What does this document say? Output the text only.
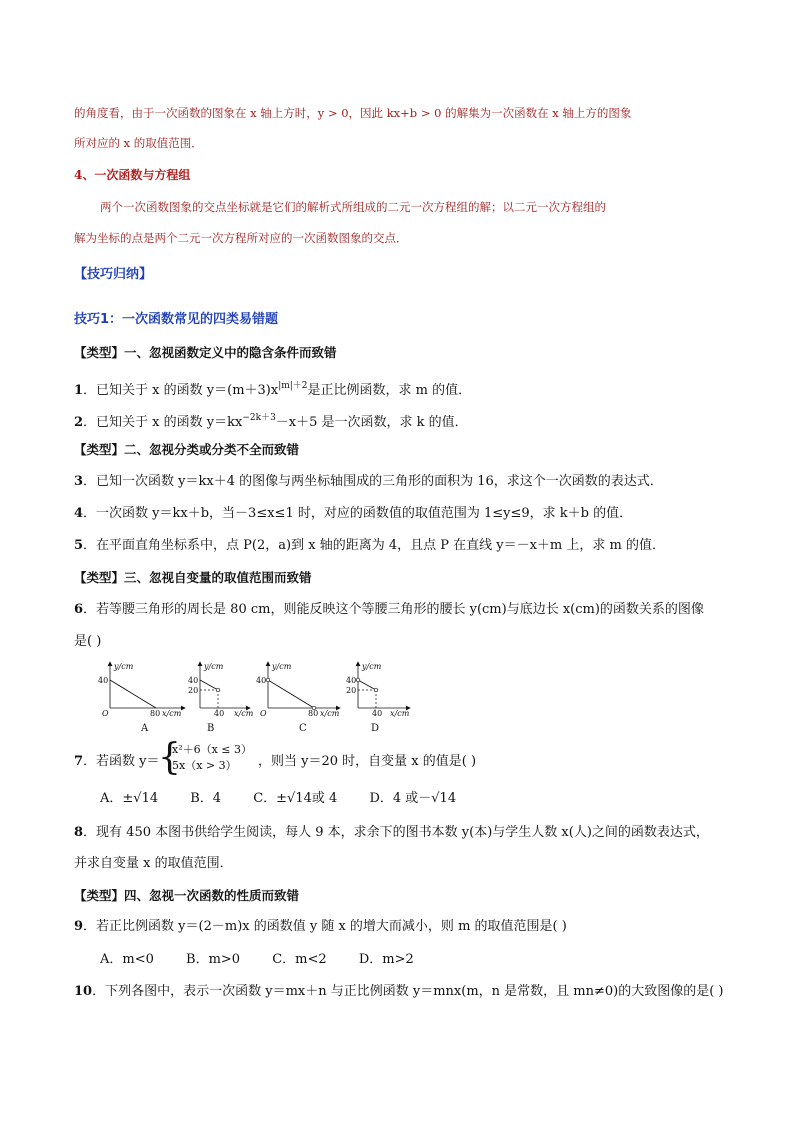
的角度看，由于一次函数的图象在 x 轴上方时，y > 0，因此 kx+b > 0 的解集为一次函数在 x 轴上方的图象
所对应的 x 的取值范围．
4、一次函数与方程组
两个一次函数图象的交点坐标就是它们的解析式所组成的二元一次方程组的解；以二元一次方程组的
解为坐标的点是两个二元一次方程所对应的一次函数图象的交点．
【技巧归纳】
技巧1：一次函数常见的四类易错题
【类型】一、忽视函数定义中的隐含条件而致错
1．已知关于 x 的函数 $y=(m+3)x^{|m|+2}$是正比例函数，求 m 的值．
2．已知关于 x 的函数 $y=kx^{-2k+3}-x+5$ 是一次函数，求 k 的值．
【类型】二、忽视分类或分类不全而致错
3．已知一次函数 y＝kx＋4 的图像与两坐标轴围成的三角形的面积为 16，求这个一次函数的表达式．
4．一次函数 y＝kx＋b，当－3≤x≤1 时，对应的函数值的取值范围为 1≤y≤9，求 k＋b 的值．
5．在平面直角坐标系中，点 P(2，a)到 x 轴的距离为 4，且点 P 在直线 y＝－x＋m 上，求 m 的值．
【类型】三、忽视自变量的取值范围而致错
6．若等腰三角形的周长是 80 cm，则能反映这个等腰三角形的腰长 y(cm)与底边长 x(cm)的函数关系的图像
是( )
y/cm
40
O	80 x/cm
A
y/cm
40
20
40 x/cm
B
y/cm
40
O	80 x/cm
C
y/cm
40
20
40 x/cm
D
7．若函数 y＝
{
x²＋6（x ≤ 3）
5x（x > 3） ，则当 y＝20 时，自变量 x 的值是( )
A．±√14 B．4 C．±√14或 4 D．4 或－√14
8．现有 450 本图书供给学生阅读，每人 9 本，求余下的图书本数 y(本)与学生人数 x(人)之间的函数表达式，
并求自变量 x 的取值范围．
【类型】四、忽视一次函数的性质而致错
9．若正比例函数 y＝(2－m)x 的函数值 y 随 x 的增大而减小，则 m 的取值范围是( )
A．m<0 B．m>0 C．m<2 D．m>2
10．下列各图中，表示一次函数 y＝mx＋n 与正比例函数 y＝mnx(m，n 是常数，且 mn≠0)的大致图像的是( )
